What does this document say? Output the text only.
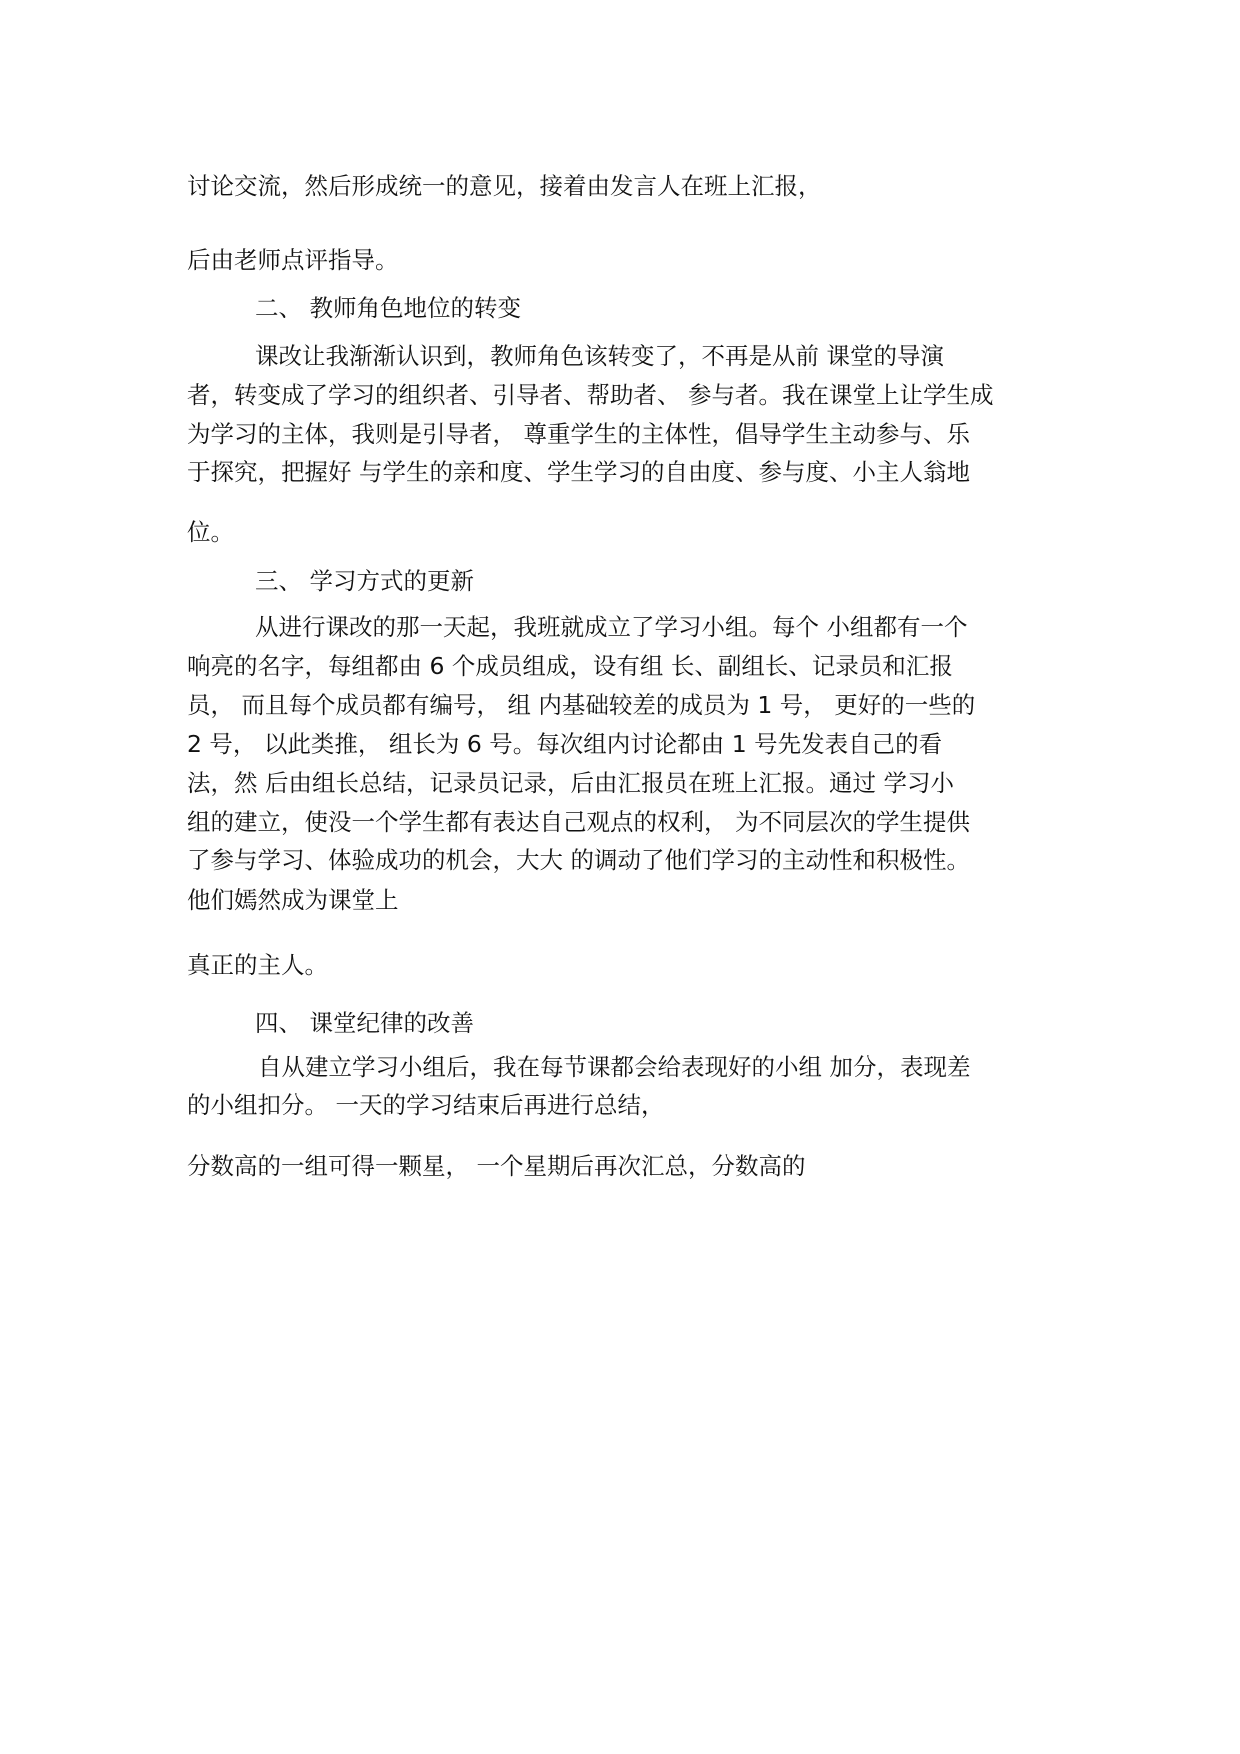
讨论交流，然后形成统一的意见，接着由发言人在班上汇报，
后由老师点评指导。
二、 教师角色地位的转变
课改让我渐渐认识到，教师角色该转变了，不再是从前 课堂的导演
者，转变成了学习的组织者、引导者、帮助者、 参与者。我在课堂上让学生成
为学习的主体，我则是引导者， 尊重学生的主体性，倡导学生主动参与、乐
于探究，把握好 与学生的亲和度、学生学习的自由度、参与度、小主人翁地
位。
三、 学习方式的更新
从进行课改的那一天起，我班就成立了学习小组。每个 小组都有一个
响亮的名字，每组都由 6 个成员组成，设有组 长、副组长、记录员和汇报
员， 而且每个成员都有编号， 组 内基础较差的成员为 1 号， 更好的一些的
2 号， 以此类推， 组长为 6 号。每次组内讨论都由 1 号先发表自己的看
法，然 后由组长总结，记录员记录，后由汇报员在班上汇报。通过 学习小
组的建立，使没一个学生都有表达自己观点的权利， 为不同层次的学生提供
了参与学习、体验成功的机会，大大 的调动了他们学习的主动性和积极性。
他们嫣然成为课堂上
真正的主人。
四、 课堂纪律的改善
自从建立学习小组后，我在每节课都会给表现好的小组 加分，表现差
的小组扣分。 一天的学习结束后再进行总结，
分数高的一组可得一颗星， 一个星期后再次汇总，分数高的
